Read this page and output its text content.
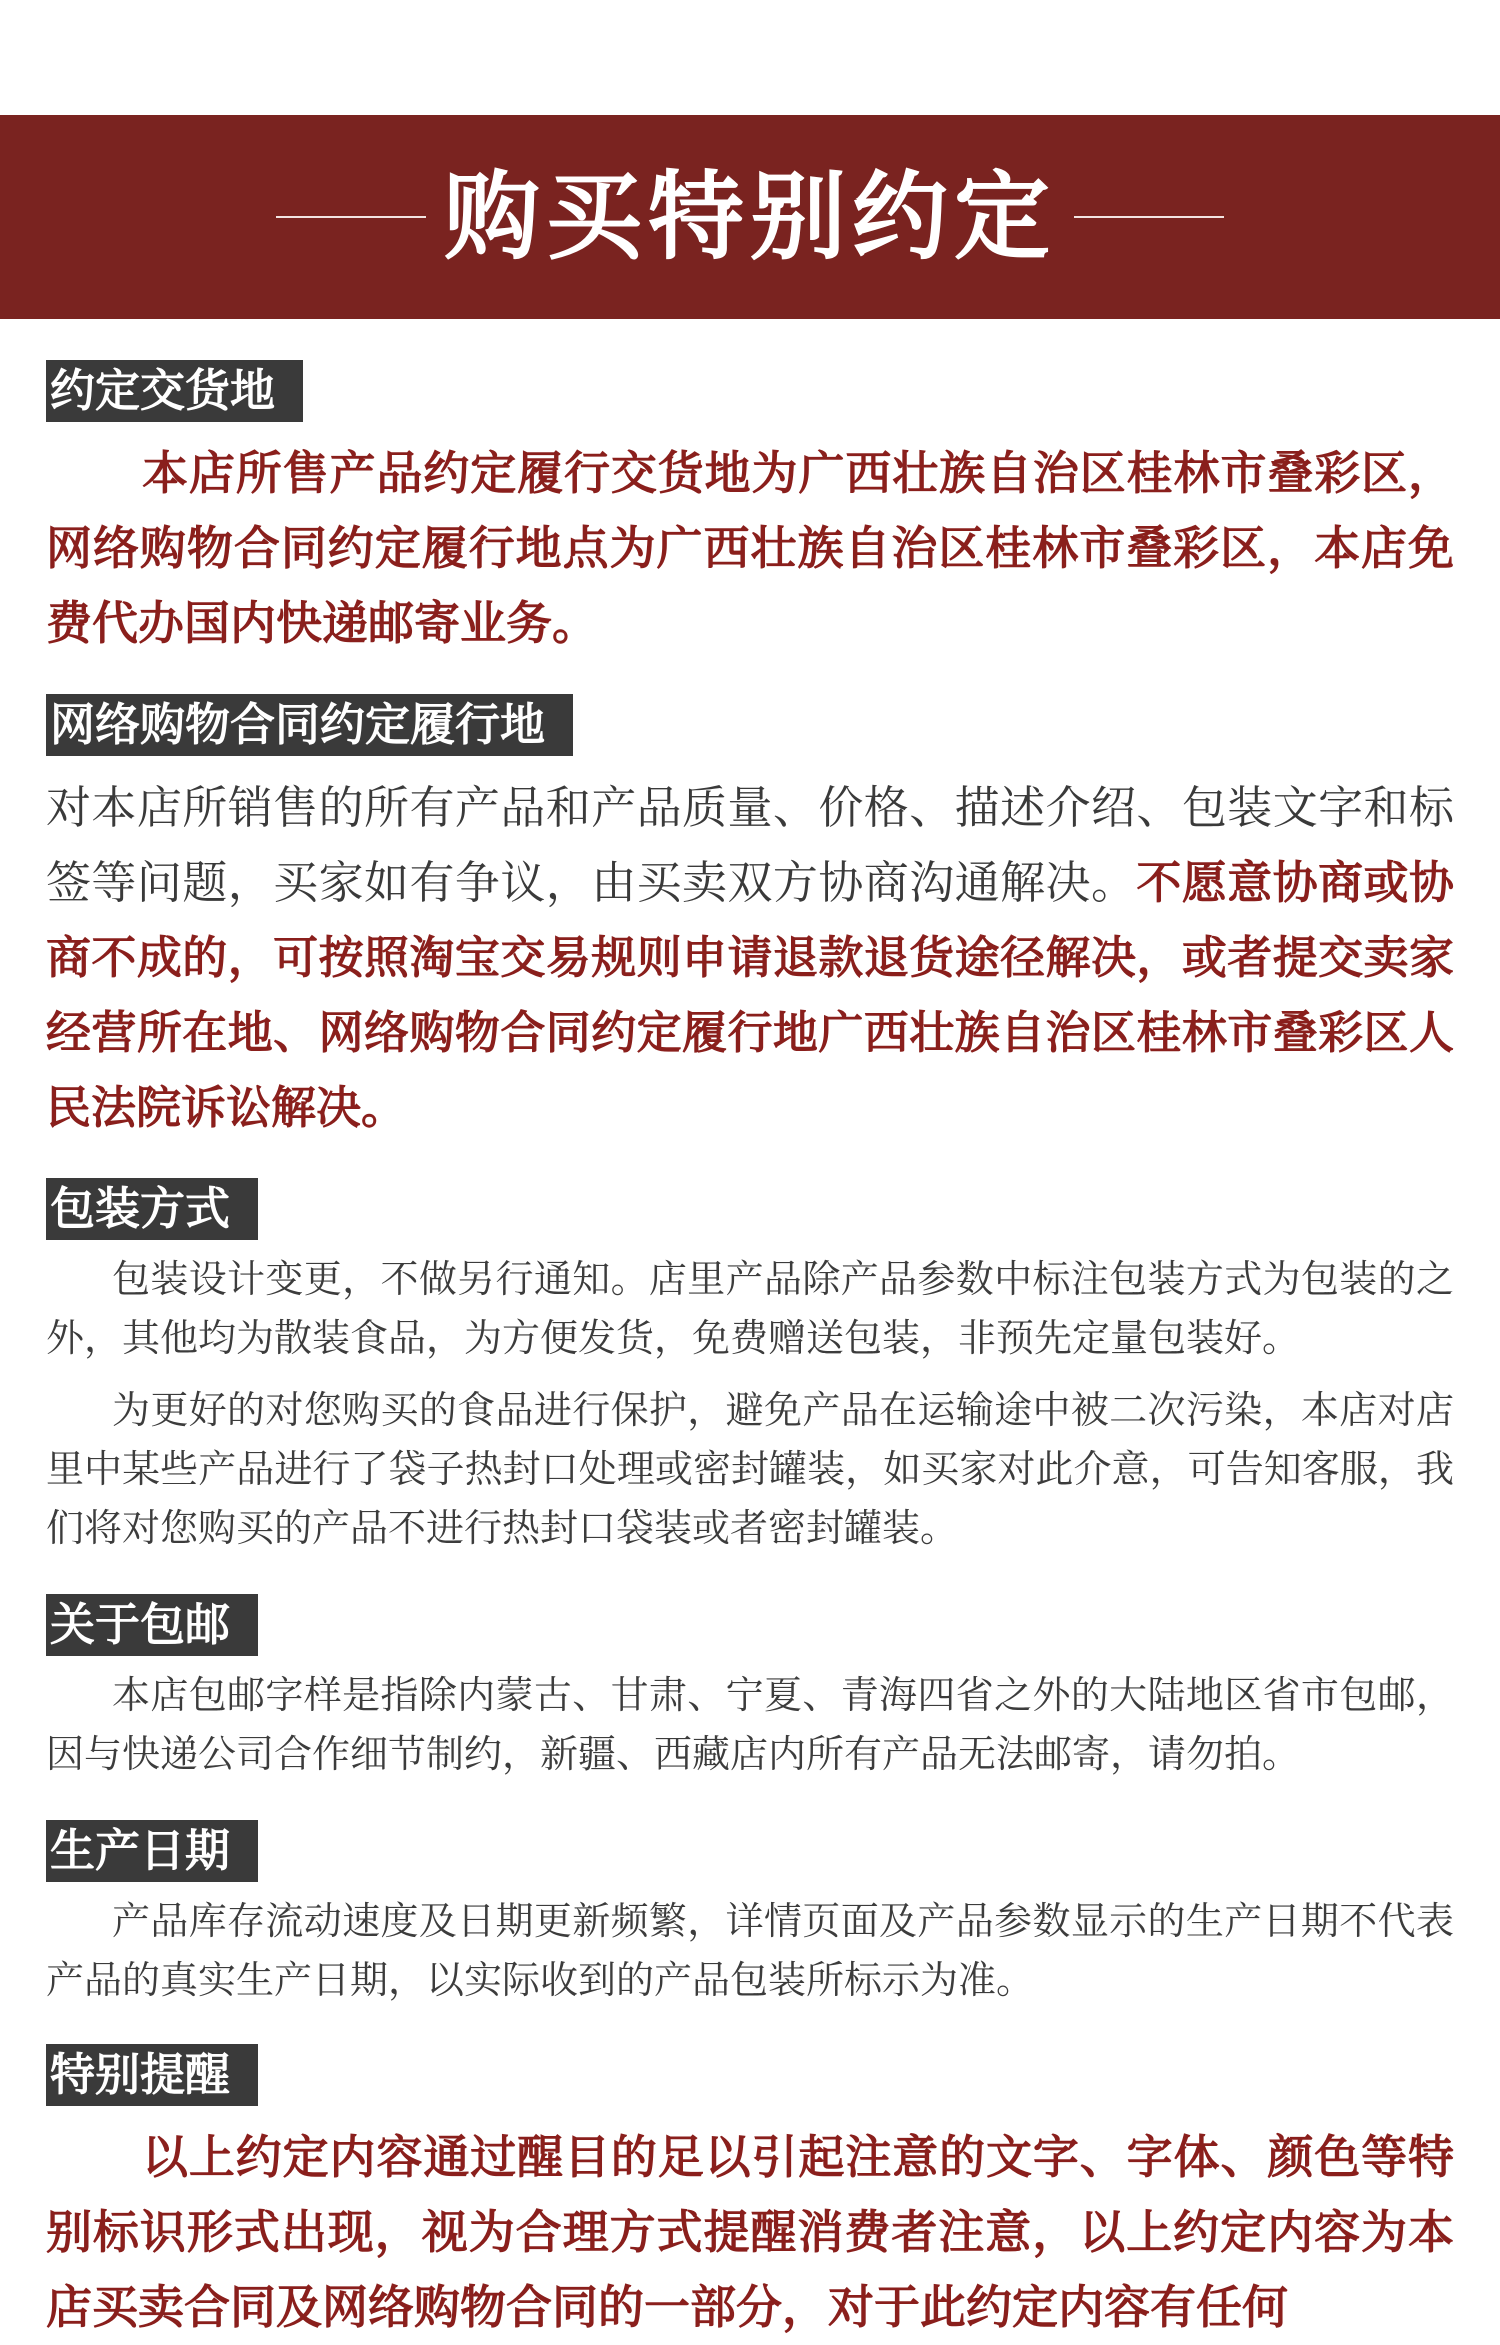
购买特别约定
约定交货地

本店所售产品约定履行交货地为广西壮族自治区桂林市叠彩区，网络购物合同约定履行地点为广西壮族自治区桂林市叠彩区，本店免费代办国内快递邮寄业务。

网络购物合同约定履行地

对本店所销售的所有产品和产品质量、价格、描述介绍、包装文字和标签等问题，买家如有争议，由买卖双方协商沟通解决。不愿意协商或协商不成的，可按照淘宝交易规则申请退款退货途径解决，或者提交卖家经营所在地、网络购物合同约定履行地广西壮族自治区桂林市叠彩区人民法院诉讼解决。

包装方式

包装设计变更，不做另行通知。店里产品除产品参数中标注包装方式为包装的之外，其他均为散装食品，为方便发货，免费赠送包装，非预先定量包装好。

为更好的对您购买的食品进行保护，避免产品在运输途中被二次污染，本店对店里中某些产品进行了袋子热封口处理或密封罐装，如买家对此介意，可告知客服，我们将对您购买的产品不进行热封口袋装或者密封罐装。

关于包邮

本店包邮字样是指除内蒙古、甘肃、宁夏、青海四省之外的大陆地区省市包邮，因与快递公司合作细节制约，新疆、西藏店内所有产品无法邮寄，请勿拍。

生产日期

产品库存流动速度及日期更新频繁，详情页面及产品参数显示的生产日期不代表产品的真实生产日期，以实际收到的产品包装所标示为准。

特别提醒

以上约定内容通过醒目的足以引起注意的文字、字体、颜色等特别标识形式出现，视为合理方式提醒消费者注意，以上约定内容为本店买卖合同及网络购物合同的一部分，对于此约定内容有任何
